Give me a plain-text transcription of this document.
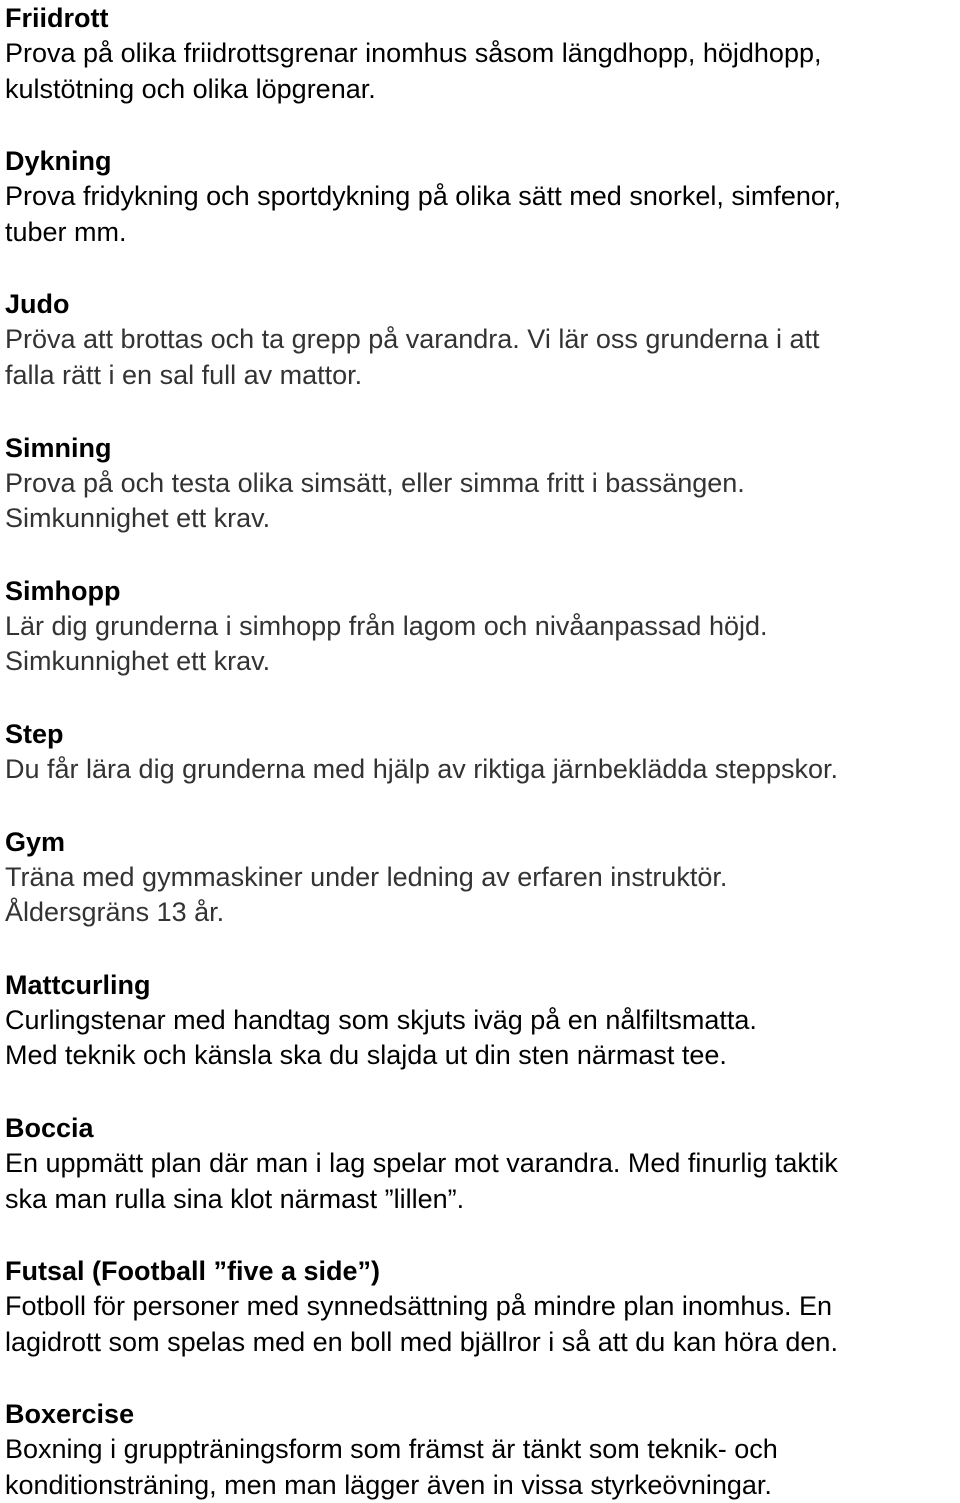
Friidrott
Prova på olika friidrottsgrenar inomhus såsom längdhopp, höjdhopp,
kulstötning och olika löpgrenar.
Dykning
Prova fridykning och sportdykning på olika sätt med snorkel, simfenor,
tuber mm.
Judo
Pröva att brottas och ta grepp på varandra. Vi lär oss grunderna i att
falla rätt i en sal full av mattor.
Simning
Prova på och testa olika simsätt, eller simma fritt i bassängen.
Simkunnighet ett krav.
Simhopp
Lär dig grunderna i simhopp från lagom och nivåanpassad höjd.
Simkunnighet ett krav.
Step
Du får lära dig grunderna med hjälp av riktiga järnbeklädda steppskor.
Gym
Träna med gymmaskiner under ledning av erfaren instruktör.
Åldersgräns 13 år.
Mattcurling
Curlingstenar med handtag som skjuts iväg på en nålfiltsmatta.
Med teknik och känsla ska du slajda ut din sten närmast tee.
Boccia
En uppmätt plan där man i lag spelar mot varandra. Med finurlig taktik
ska man rulla sina klot närmast ”lillen”.
Futsal (Football ”five a side”)
Fotboll för personer med synnedsättning på mindre plan inomhus. En
lagidrott som spelas med en boll med bjällror i så att du kan höra den.
Boxercise
Boxning i gruppträningsform som främst är tänkt som teknik- och
konditionsträning, men man lägger även in vissa styrkeövningar.
